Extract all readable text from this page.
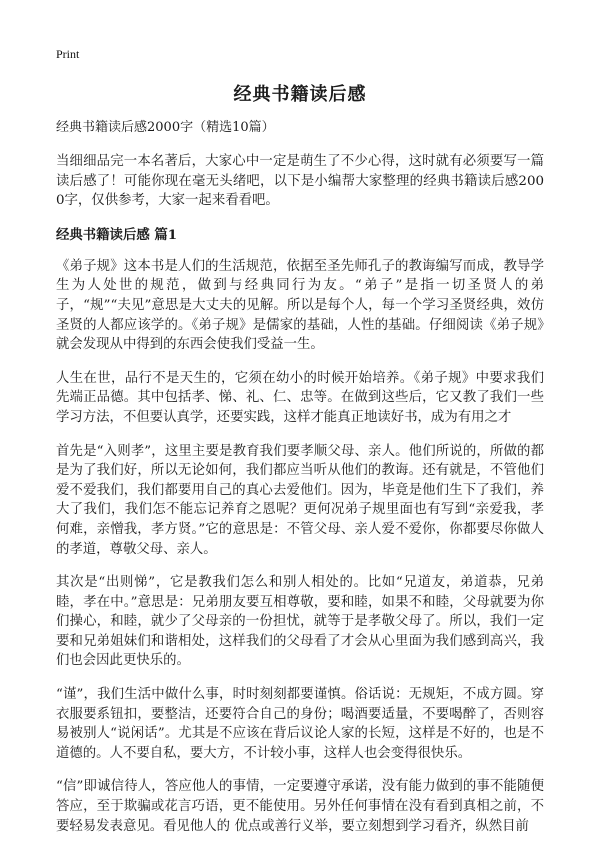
Print
经典书籍读后感

经典书籍读后感2000字（精选10篇）

当细细品完一本名著后，大家心中一定是萌生了不少心得，这时就有必须要写一篇读后感了！可能你现在毫无头绪吧，以下是小编帮大家整理的经典书籍读后感2000字，仅供参考，大家一起来看看吧。

经典书籍读后感 篇1

《弟子规》这本书是人们的生活规范，依据至圣先师孔子的教诲编写而成，教导学生为人处世的规范，做到与经典同行为友。“弟子”是指一切圣贤人的弟子，“规”“夫见”意思是大丈夫的见解。所以是每个人，每一个学习圣贤经典，效仿圣贤的人都应该学的。《弟子规》是儒家的基础，人性的基础。仔细阅读《弟子规》就会发现从中得到的东西会使我们受益一生。

人生在世，品行不是天生的，它须在幼小的时候开始培养。《弟子规》中要求我们先端正品德。其中包括孝、悌、礼、仁、忠等。在做到这些后，它又教了我们一些学习方法，不但要认真学，还要实践，这样才能真正地读好书，成为有用之才

首先是“入则孝”，这里主要是教育我们要孝顺父母、亲人。他们所说的，所做的都是为了我们好，所以无论如何，我们都应当听从他们的教诲。还有就是，不管他们爱不爱我们，我们都要用自己的真心去爱他们。因为，毕竟是他们生下了我们，养大了我们，我们怎不能忘记养育之恩呢？更何况弟子规里面也有写到“亲爱我，孝何难，亲憎我，孝方贤。”它的意思是：不管父母、亲人爱不爱你，你都要尽你做人的孝道，尊敬父母、亲人。

其次是“出则悌”，它是教我们怎么和别人相处的。比如“兄道友，弟道恭，兄弟睦，孝在中。”意思是：兄弟朋友要互相尊敬，要和睦，如果不和睦，父母就要为你们操心，和睦，就少了父母亲的一份担忧，就等于是孝敬父母了。所以，我们一定要和兄弟姐妹们和谐相处，这样我们的父母看了才会从心里面为我们感到高兴，我们也会因此更快乐的。

“谨”，我们生活中做什么事，时时刻刻都要谨慎。俗话说：无规矩，不成方圆。穿衣服要系钮扣，要整洁，还要符合自己的身份；喝酒要适量，不要喝醉了，否则容易被别人“说闲话”。尤其是不应该在背后议论人家的长短，这样是不好的，也是不道德的。人不要自私，要大方，不计较小事，这样人也会变得很快乐。

“信”即诚信待人，答应他人的事情，一定要遵守承诺，没有能力做到的事不能随便答应，至于欺骗或花言巧语，更不能使用。另外任何事情在没有看到真相之前，不要轻易发表意见。看见他人的 优点或善行义举，要立刻想到学习看齐，纵然目前
